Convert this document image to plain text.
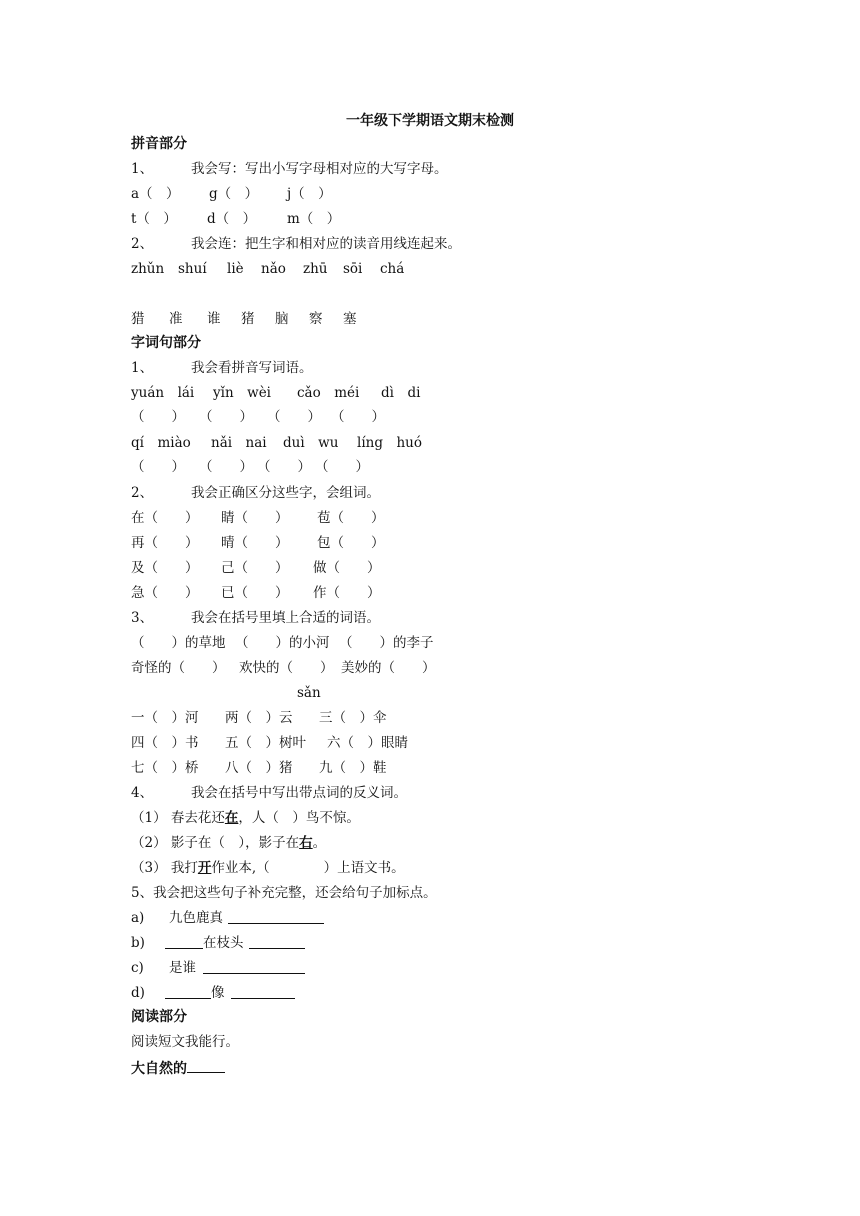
一年级下学期语文期末检测
拼音部分
1、	我会写：写出小写字母相对应的大写字母。
a（　） g（　） j（　）
t（　） d（　） m（　）
2、	我会连：把生字和相对应的读音用线连起来。
zhǔn shuí liè nǎo zhū sōi chá
猎 准 谁 猪 脑 察 塞
字词句部分
1、	我会看拼音写词语。
yuán　lái yǐn　wèi cǎo　méi dì　di
（　　） （　　） （　　） （　　）
qí　miào nǎi　nai duì　wu líng　huó
（　　） （　　） （　　） （　　）
2、	我会正确区分这些字，会组词。
在（　　） 睛（　　） 苞（　　）
再（　　） 晴（　　） 包（　　）
及（　　） 己（　　） 做（　　）
急（　　） 已（　　） 作（　　）
3、	我会在括号里填上合适的词语。
（　　）的草地 （　　）的小河 （　　）的李子
奇怪的（　　） 欢快的（　　） 美妙的（　　）
sǎn
一（　）河 两（　）云 三（　）伞
四（　）书 五（　）树叶 六（　）眼睛
七（　）桥 八（　）猪 九（　）鞋
4、	我会在括号中写出带点词的反义词。
（1） 春去花还在，人（　）鸟不惊。
（2） 影子在（　），影子在右。
（3） 我打开作业本,（　　　　）上语文书。
5、我会把这些句子补充完整，还会给句子加标点。
a) 九色鹿真
b)	在枝头
c) 是谁
d)	像
阅读部分
阅读短文我能行。
大自然的
